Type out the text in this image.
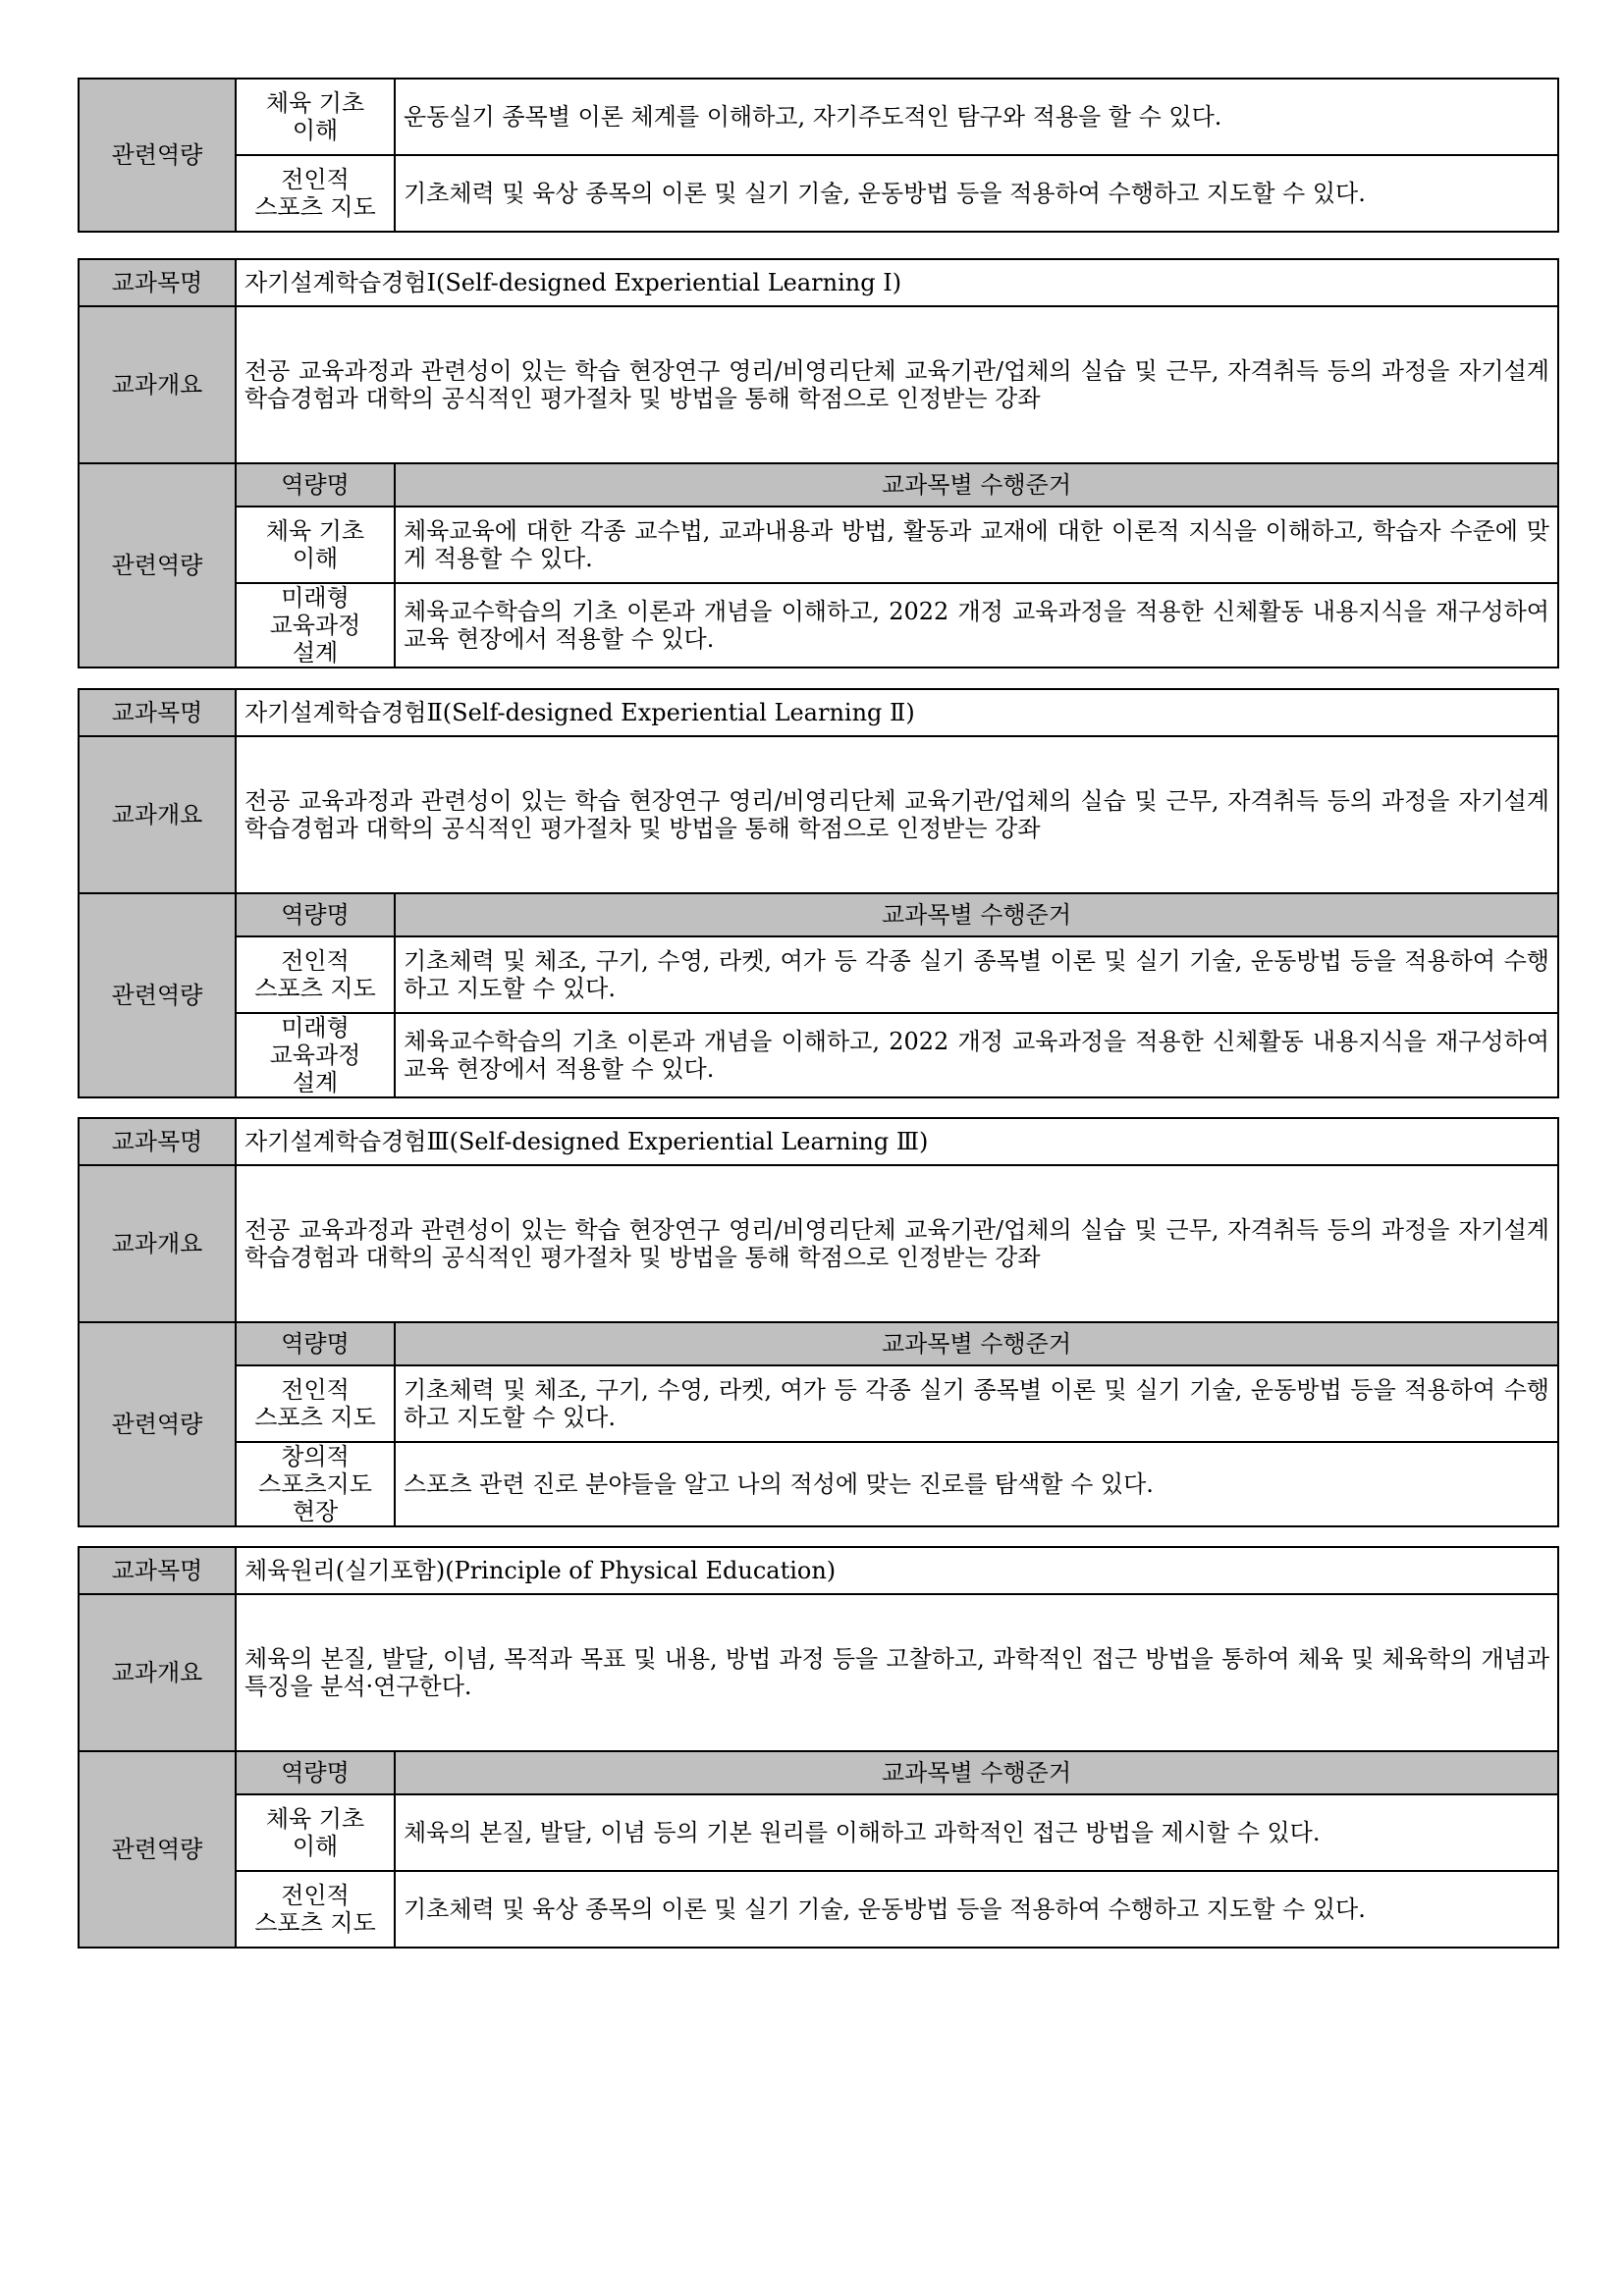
관련역량	체육 기초 이해	운동실기 종목별 이론 체계를 이해하고, 자기주도적인 탐구와 적용을 할 수 있다.
	전인적 스포츠 지도	기초체력 및 육상 종목의 이론 및 실기 기술, 운동방법 등을 적용하여 수행하고 지도할 수 있다.
교과목명	자기설계학습경험Ⅰ(Self-designed Experiential Learning Ⅰ)	
교과개요	전공 교육과정과 관련성이 있는 학습 현장연구 영리/비영리단체 교육기관/업체의 실습 및 근무, 자격취득 등의 과정을 자기설계 학습경험과 대학의 공식적인 평가절차 및 방법을 통해 학점으로 인정받는 강좌	
관련역량	역량명	교과목별 수행준거
	체육 기초 이해	체육교육에 대한 각종 교수법, 교과내용과 방법, 활동과 교재에 대한 이론적 지식을 이해하고, 학습자 수준에 맞게 적용할 수 있다.
	미래형 교육과정 설계	체육교수학습의 기초 이론과 개념을 이해하고, 2022 개정 교육과정을 적용한 신체활동 내용지식을 재구성하여 교육 현장에서 적용할 수 있다.
교과목명	자기설계학습경험Ⅱ(Self-designed Experiential Learning Ⅱ)	
교과개요	전공 교육과정과 관련성이 있는 학습 현장연구 영리/비영리단체 교육기관/업체의 실습 및 근무, 자격취득 등의 과정을 자기설계 학습경험과 대학의 공식적인 평가절차 및 방법을 통해 학점으로 인정받는 강좌	
관련역량	역량명	교과목별 수행준거
	전인적 스포츠 지도	기초체력 및 체조, 구기, 수영, 라켓, 여가 등 각종 실기 종목별 이론 및 실기 기술, 운동방법 등을 적용하여 수행하고 지도할 수 있다.
	미래형 교육과정 설계	체육교수학습의 기초 이론과 개념을 이해하고, 2022 개정 교육과정을 적용한 신체활동 내용지식을 재구성하여 교육 현장에서 적용할 수 있다.
교과목명	자기설계학습경험Ⅲ(Self-designed Experiential Learning Ⅲ)	
교과개요	전공 교육과정과 관련성이 있는 학습 현장연구 영리/비영리단체 교육기관/업체의 실습 및 근무, 자격취득 등의 과정을 자기설계 학습경험과 대학의 공식적인 평가절차 및 방법을 통해 학점으로 인정받는 강좌	
관련역량	역량명	교과목별 수행준거
	전인적 스포츠 지도	기초체력 및 체조, 구기, 수영, 라켓, 여가 등 각종 실기 종목별 이론 및 실기 기술, 운동방법 등을 적용하여 수행하고 지도할 수 있다.
	창의적 스포츠지도 현장	스포츠 관련 진로 분야들을 알고 나의 적성에 맞는 진로를 탐색할 수 있다.
교과목명	체육원리(실기포함)(Principle of Physical Education)	
교과개요	체육의 본질, 발달, 이념, 목적과 목표 및 내용, 방법 과정 등을 고찰하고, 과학적인 접근 방법을 통하여 체육 및 체육학의 개념과 특징을 분석·연구한다.	
관련역량	역량명	교과목별 수행준거
	체육 기초 이해	체육의 본질, 발달, 이념 등의 기본 원리를 이해하고 과학적인 접근 방법을 제시할 수 있다.
	전인적 스포츠 지도	기초체력 및 육상 종목의 이론 및 실기 기술, 운동방법 등을 적용하여 수행하고 지도할 수 있다.
